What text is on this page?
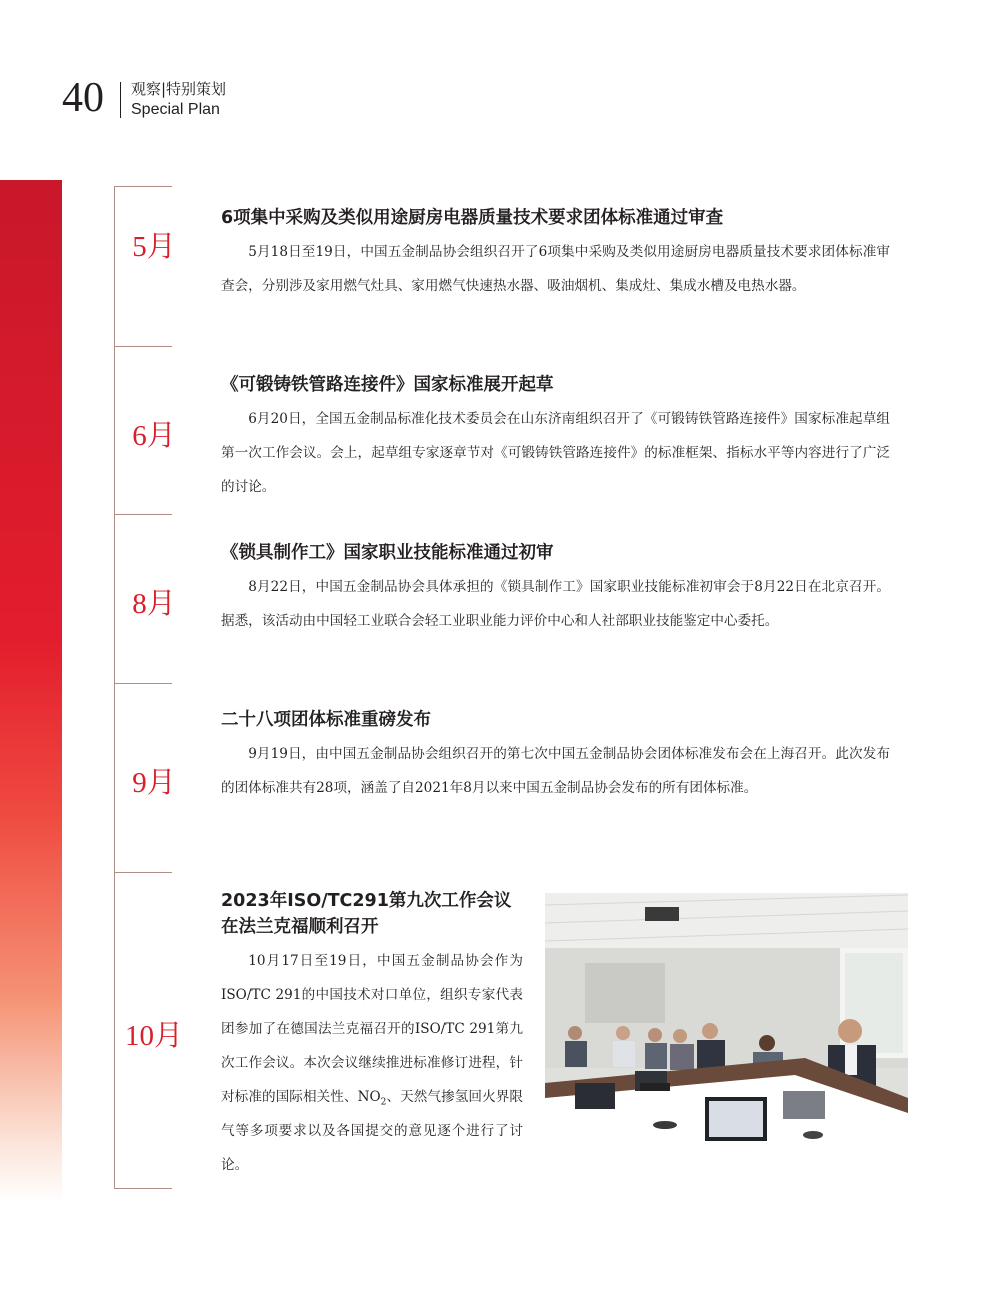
40 观察|特别策划
Special Plan
5月
6月
8月
9月
10月
6项集中采购及类似用途厨房电器质量技术要求团体标准通过审查

5月18日至19日，中国五金制品协会组织召开了6项集中采购及类似用途厨房电器质量技术要求团体标准审查会，分别涉及家用燃气灶具、家用燃气快速热水器、吸油烟机、集成灶、集成水槽及电热水器。

《可锻铸铁管路连接件》国家标准展开起草

6月20日，全国五金制品标准化技术委员会在山东济南组织召开了《可锻铸铁管路连接件》国家标准起草组第一次工作会议。会上，起草组专家逐章节对《可锻铸铁管路连接件》的标准框架、指标水平等内容进行了广泛的讨论。

《锁具制作工》国家职业技能标准通过初审

8月22日，中国五金制品协会具体承担的《锁具制作工》国家职业技能标准初审会于8月22日在北京召开。据悉，该活动由中国轻工业联合会轻工业职业能力评价中心和人社部职业技能鉴定中心委托。

二十八项团体标准重磅发布

9月19日，由中国五金制品协会组织召开的第七次中国五金制品协会团体标准发布会在上海召开。此次发布的团体标准共有28项，涵盖了自2021年8月以来中国五金制品协会发布的所有团体标准。

2023年ISO/TC291第九次工作会议
在法兰克福顺利召开

10月17日至19日，中国五金制品协会作为ISO/TC 291的中国技术对口单位，组织专家代表团参加了在德国法兰克福召开的ISO/TC 291第九次工作会议。本次会议继续推进标准修订进程，针对标准的国际相关性、$NO_2$、天然气掺氢回火界限气等多项要求以及各国提交的意见逐个进行了讨论。
